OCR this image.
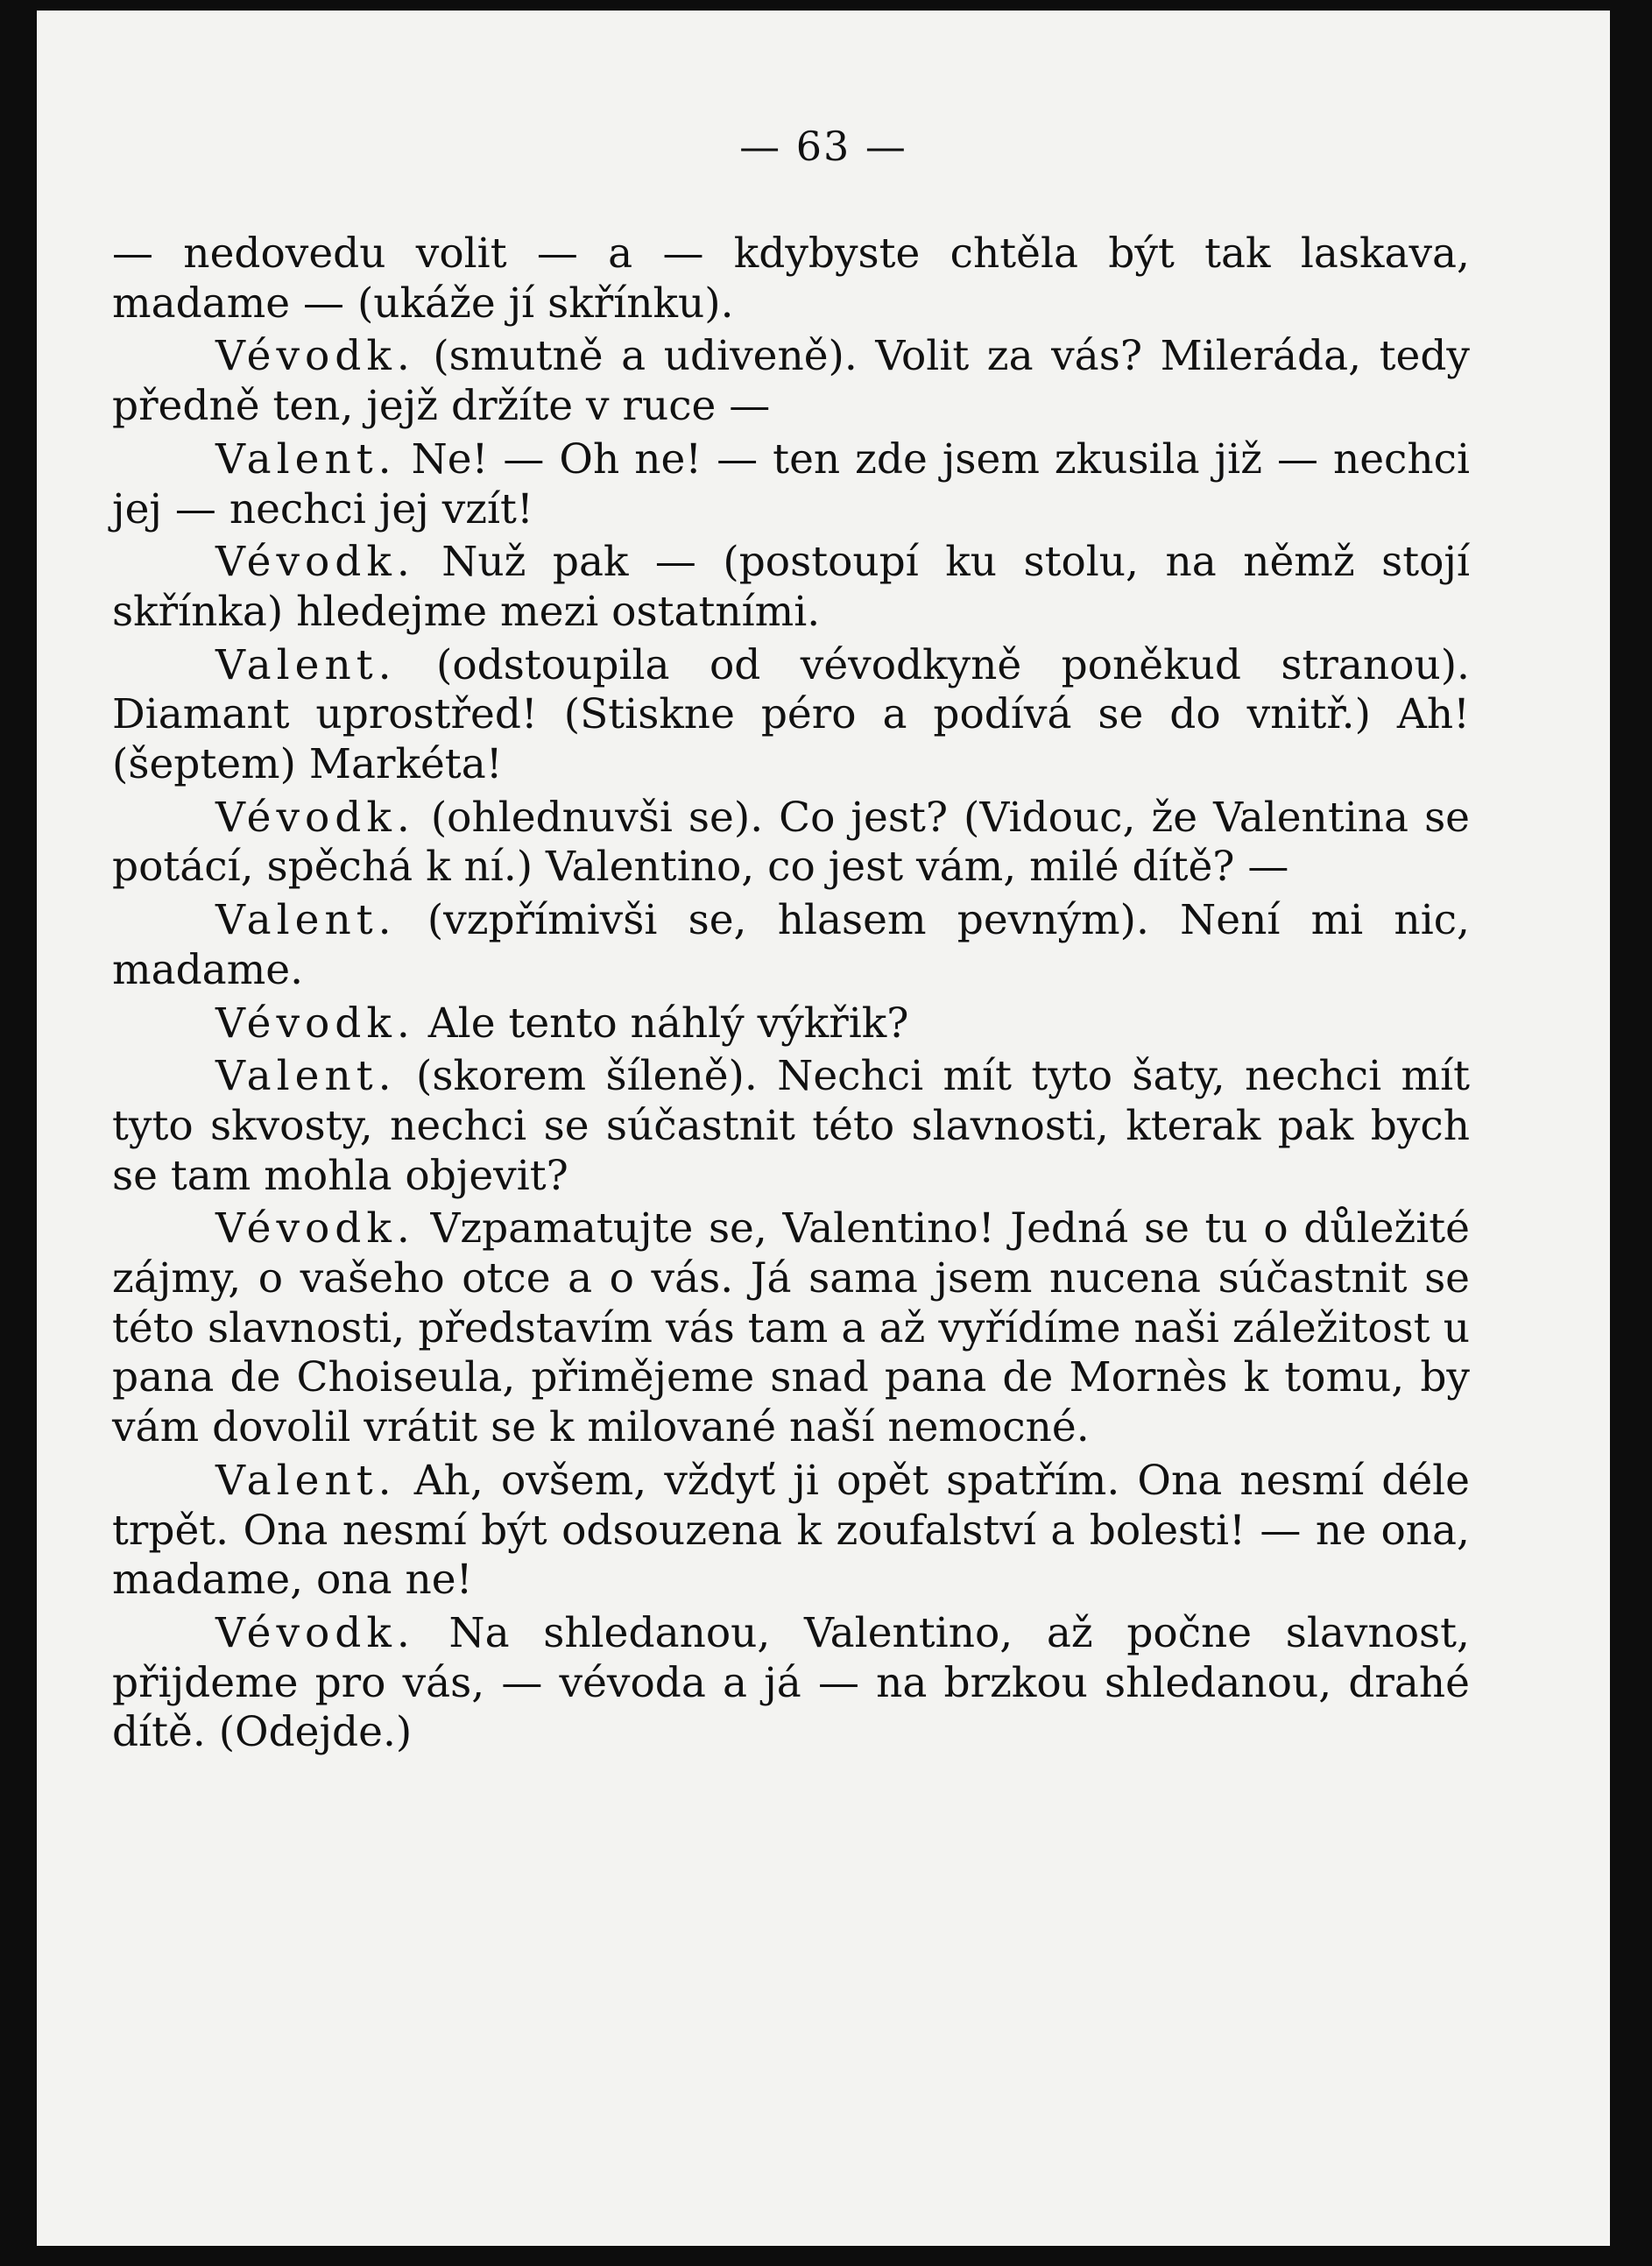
— 63 —

— nedovedu volit — a — kdybyste chtěla být tak laskava, madame — (ukáže jí skřínku).

Vévodk. (smutně a udiveně). Volit za vás? Mileráda, tedy předně ten, jejž držíte v ruce —

Valent. Ne! — Oh ne! — ten zde jsem zkusila již — nechci jej — nechci jej vzít!

Vévodk. Nuž pak — (postoupí ku stolu, na němž stojí skřínka) hledejme mezi ostatními.

Valent. (odstoupila od vévodkyně poněkud stranou). Diamant uprostřed! (Stiskne péro a podívá se do vnitř.) Ah! (šeptem) Markéta!

Vévodk. (ohlednuvši se). Co jest? (Vidouc, že Valentina se potácí, spěchá k ní.) Valentino, co jest vám, milé dítě? —

Valent. (vzpřímivši se, hlasem pevným). Není mi nic, madame.

Vévodk. Ale tento náhlý výkřik?

Valent. (skorem šíleně). Nechci mít tyto šaty, nechci mít tyto skvosty, nechci se súčastnit této slavnosti, kterak pak bych se tam mohla objevit?

Vévodk. Vzpamatujte se, Valentino! Jedná se tu o důležité zájmy, o vašeho otce a o vás. Já sama jsem nucena súčastnit se této slavnosti, představím vás tam a až vyřídíme naši záležitost u pana de Choiseula, přiměјeme snad pana de Mornès k tomu, by vám dovolil vrátit se k milované naší nemocné.

Valent. Ah, ovšem, vždyť ji opět spatřím. Ona nesmí déle trpět. Ona nesmí být odsouzena k zoufalství a bolesti! — ne ona, madame, ona ne!

Vévodk. Na shledanou, Valentino, až počne slavnost, přijdeme pro vás, — vévoda a já — na brzkou shledanou, drahé dítě. (Odejde.)
